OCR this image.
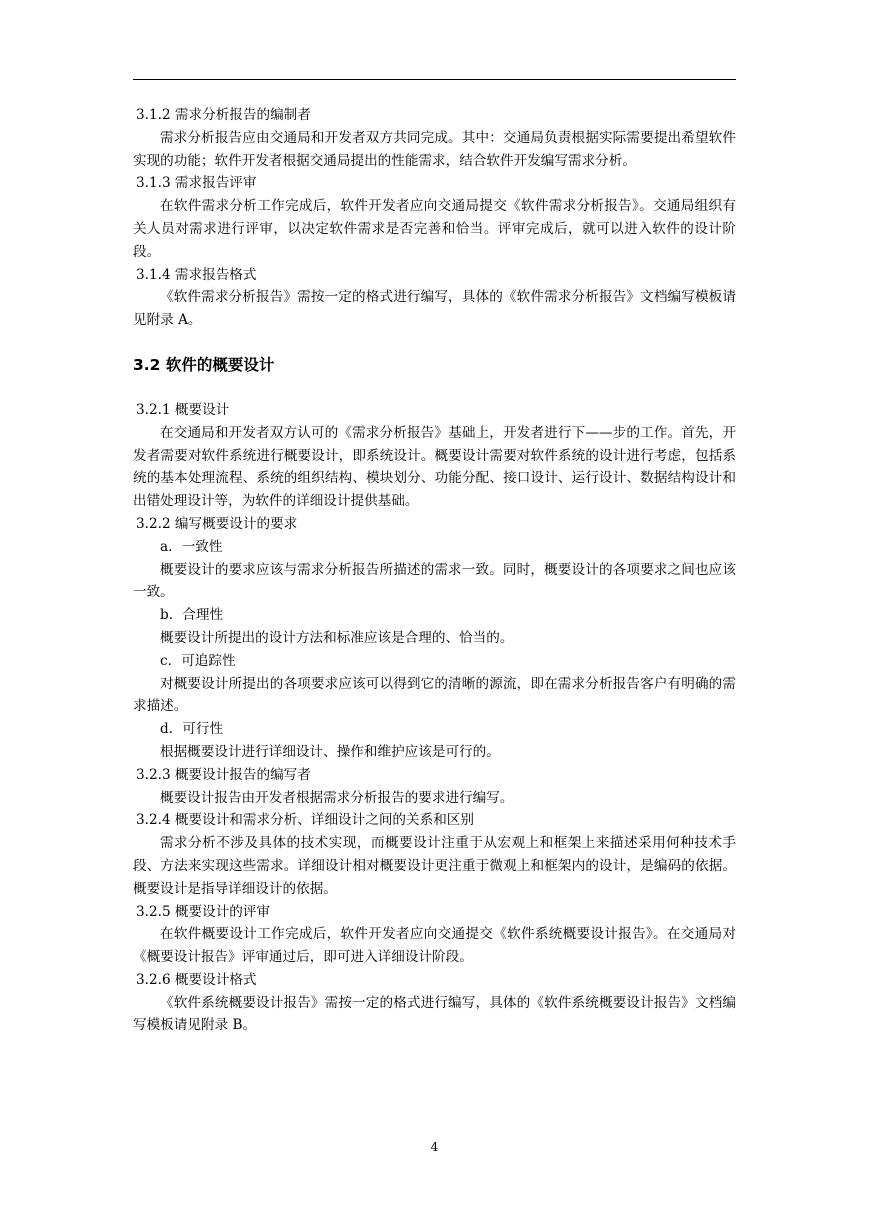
3.1.2 需求分析报告的编制者

需求分析报告应由交通局和开发者双方共同完成。其中：交通局负责根据实际需要提出希望软件实现的功能；软件开发者根据交通局提出的性能需求，结合软件开发编写需求分析。

3.1.3 需求报告评审

在软件需求分析工作完成后，软件开发者应向交通局提交《软件需求分析报告》。交通局组织有关人员对需求进行评审，以决定软件需求是否完善和恰当。评审完成后，就可以进入软件的设计阶段。

3.1.4 需求报告格式

《软件需求分析报告》需按一定的格式进行编写，具体的《软件需求分析报告》文档编写模板请见附录 A。

3.2 软件的概要设计

3.2.1 概要设计

在交通局和开发者双方认可的《需求分析报告》基础上，开发者进行下——步的工作。首先，开发者需要对软件系统进行概要设计，即系统设计。概要设计需要对软件系统的设计进行考虑，包括系统的基本处理流程、系统的组织结构、模块划分、功能分配、接口设计、运行设计、数据结构设计和出错处理设计等，为软件的详细设计提供基础。

3.2.2 编写概要设计的要求

a．一致性

概要设计的要求应该与需求分析报告所描述的需求一致。同时，概要设计的各项要求之间也应该一致。

b．合理性

概要设计所提出的设计方法和标准应该是合理的、恰当的。

c．可追踪性

对概要设计所提出的各项要求应该可以得到它的清晰的源流，即在需求分析报告客户有明确的需求描述。

d．可行性

根据概要设计进行详细设计、操作和维护应该是可行的。

3.2.3 概要设计报告的编写者

概要设计报告由开发者根据需求分析报告的要求进行编写。

3.2.4 概要设计和需求分析、详细设计之间的关系和区别

需求分析不涉及具体的技术实现，而概要设计注重于从宏观上和框架上来描述采用何种技术手段、方法来实现这些需求。详细设计相对概要设计更注重于微观上和框架内的设计，是编码的依据。概要设计是指导详细设计的依据。

3.2.5 概要设计的评审

在软件概要设计工作完成后，软件开发者应向交通提交《软件系统概要设计报告》。在交通局对《概要设计报告》评审通过后，即可进入详细设计阶段。

3.2.6 概要设计格式

《软件系统概要设计报告》需按一定的格式进行编写，具体的《软件系统概要设计报告》文档编写模板请见附录 B。

4
